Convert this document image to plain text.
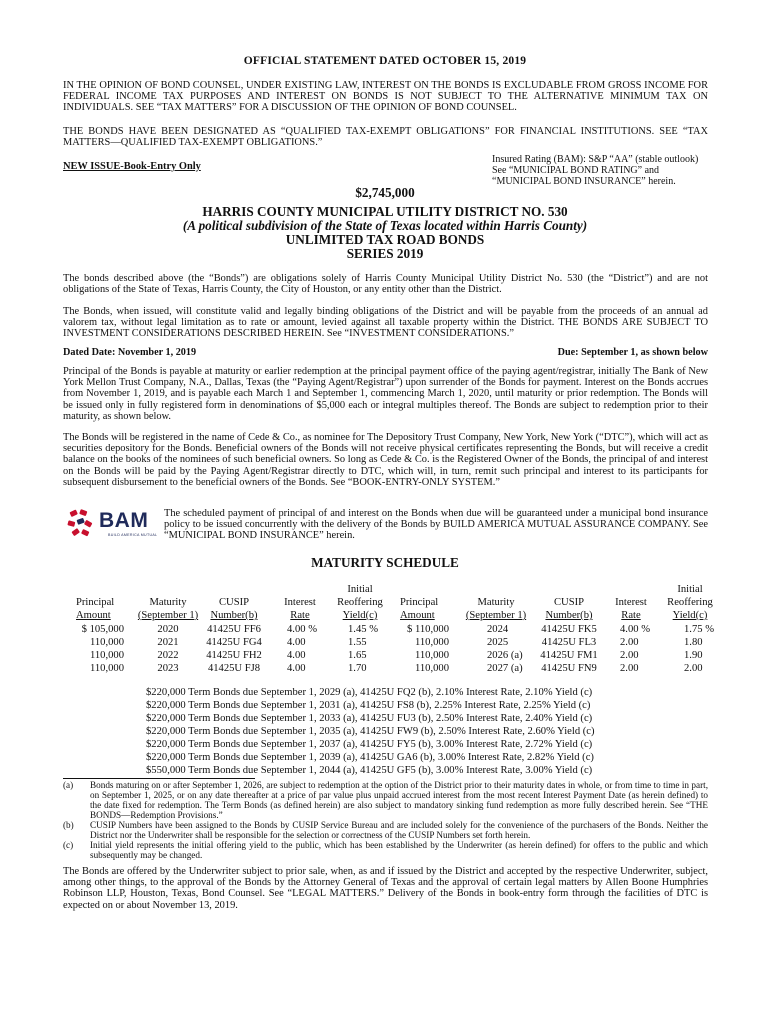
OFFICIAL STATEMENT DATED OCTOBER 15, 2019

IN THE OPINION OF BOND COUNSEL, UNDER EXISTING LAW, INTEREST ON THE BONDS IS EXCLUDABLE FROM GROSS INCOME FOR FEDERAL INCOME TAX PURPOSES AND INTEREST ON BONDS IS NOT SUBJECT TO THE ALTERNATIVE MINIMUM TAX ON INDIVIDUALS. SEE “TAX MATTERS” FOR A DISCUSSION OF THE OPINION OF BOND COUNSEL.

THE BONDS HAVE BEEN DESIGNATED AS “QUALIFIED TAX-EXEMPT OBLIGATIONS” FOR FINANCIAL INSTITUTIONS. SEE “TAX MATTERS—QUALIFIED TAX-EXEMPT OBLIGATIONS.”

NEW ISSUE-Book-Entry Only
Insured Rating (BAM): S&P “AA” (stable outlook)
See “MUNICIPAL BOND RATING” and
“MUNICIPAL BOND INSURANCE” herein.
$2,745,000
HARRIS COUNTY MUNICIPAL UTILITY DISTRICT NO. 530
(A political subdivision of the State of Texas located within Harris County)
UNLIMITED TAX ROAD BONDS
SERIES 2019

The bonds described above (the “Bonds”) are obligations solely of Harris County Municipal Utility District No. 530 (the “District”) and are not obligations of the State of Texas, Harris County, the City of Houston, or any entity other than the District.

The Bonds, when issued, will constitute valid and legally binding obligations of the District and will be payable from the proceeds of an annual ad valorem tax, without legal limitation as to rate or amount, levied against all taxable property within the District. THE BONDS ARE SUBJECT TO INVESTMENT CONSIDERATIONS DESCRIBED HEREIN. See “INVESTMENT CONSIDERATIONS.”

Dated Date: November 1, 2019	Due: September 1, as shown below

Principal of the Bonds is payable at maturity or earlier redemption at the principal payment office of the paying agent/registrar, initially The Bank of New York Mellon Trust Company, N.A., Dallas, Texas (the “Paying Agent/Registrar”) upon surrender of the Bonds for payment. Interest on the Bonds accrues from November 1, 2019, and is payable each March 1 and September 1, commencing March 1, 2020, until maturity or prior redemption. The Bonds will be issued only in fully registered form in denominations of $5,000 each or integral multiples thereof. The Bonds are subject to redemption prior to their maturity, as shown below.

The Bonds will be registered in the name of Cede & Co., as nominee for The Depository Trust Company, New York, New York (“DTC”), which will act as securities depository for the Bonds. Beneficial owners of the Bonds will not receive physical certificates representing the Bonds, but will receive a credit balance on the books of the nominees of such beneficial owners. So long as Cede & Co. is the Registered Owner of the Bonds, the principal of and interest on the Bonds will be paid by the Paying Agent/Registrar directly to DTC, which will, in turn, remit such principal and interest to its participants for subsequent disbursement to the beneficial owners of the Bonds. See “BOOK-ENTRY-ONLY SYSTEM.”

BAM
BUILD AMERICA MUTUAL

The scheduled payment of principal of and interest on the Bonds when due will be guaranteed under a municipal bond insurance policy to be issued concurrently with the delivery of the Bonds by BUILD AMERICA MUTUAL ASSURANCE COMPANY. See “MUNICIPAL BOND INSURANCE” herein.

MATURITY SCHEDULE
Principal
Amount
Maturity
(September 1)
CUSIP
Number(b)
Interest
Rate
Initial
Reoffering
Yield(c)
Principal
Amount
Maturity
(September 1)
CUSIP
Number(b)
Interest
Rate
Initial
Reoffering
Yield(c)
$ 105,000
110,000
110,000
110,000
2020
2021
2022
2023
41425U FF6
41425U FG4
41425U FH2
41425U FJ8
4.00 %
4.00
4.00
4.00
1.45 %
1.55
1.65
1.70
$ 110,000
110,000
110,000
110,000
2024
2025
2026 (a)
2027 (a)
41425U FK5
41425U FL3
41425U FM1
41425U FN9
4.00 %
2.00
2.00
2.00
1.75 %
1.80
1.90
2.00
$220,000 Term Bonds due September 1, 2029 (a), 41425U FQ2 (b), 2.10% Interest Rate, 2.10% Yield (c)
$220,000 Term Bonds due September 1, 2031 (a), 41425U FS8 (b), 2.25% Interest Rate, 2.25% Yield (c)
$220,000 Term Bonds due September 1, 2033 (a), 41425U FU3 (b), 2.50% Interest Rate, 2.40% Yield (c)
$220,000 Term Bonds due September 1, 2035 (a), 41425U FW9 (b), 2.50% Interest Rate, 2.60% Yield (c)
$220,000 Term Bonds due September 1, 2037 (a), 41425U FY5 (b), 3.00% Interest Rate, 2.72% Yield (c)
$220,000 Term Bonds due September 1, 2039 (a), 41425U GA6 (b), 3.00% Interest Rate, 2.82% Yield (c)
$550,000 Term Bonds due September 1, 2044 (a), 41425U GF5 (b), 3.00% Interest Rate, 3.00% Yield (c)
(a) Bonds maturing on or after September 1, 2026, are subject to redemption at the option of the District prior to their maturity dates in whole, or from time to time in part, on September 1, 2025, or on any date thereafter at a price of par value plus unpaid accrued interest from the most recent Interest Payment Date (as herein defined) to the date fixed for redemption. The Term Bonds (as defined herein) are also subject to mandatory sinking fund redemption as more fully described herein. See “THE BONDS—Redemption Provisions.”

(b) CUSIP Numbers have been assigned to the Bonds by CUSIP Service Bureau and are included solely for the convenience of the purchasers of the Bonds. Neither the District nor the Underwriter shall be responsible for the selection or correctness of the CUSIP Numbers set forth herein.

(c) Initial yield represents the initial offering yield to the public, which has been established by the Underwriter (as herein defined) for offers to the public and which subsequently may be changed.

The Bonds are offered by the Underwriter subject to prior sale, when, as and if issued by the District and accepted by the respective Underwriter, subject, among other things, to the approval of the Bonds by the Attorney General of Texas and the approval of certain legal matters by Allen Boone Humphries Robinson LLP, Houston, Texas, Bond Counsel. See “LEGAL MATTERS.” Delivery of the Bonds in book-entry form through the facilities of DTC is expected on or about November 13, 2019.
